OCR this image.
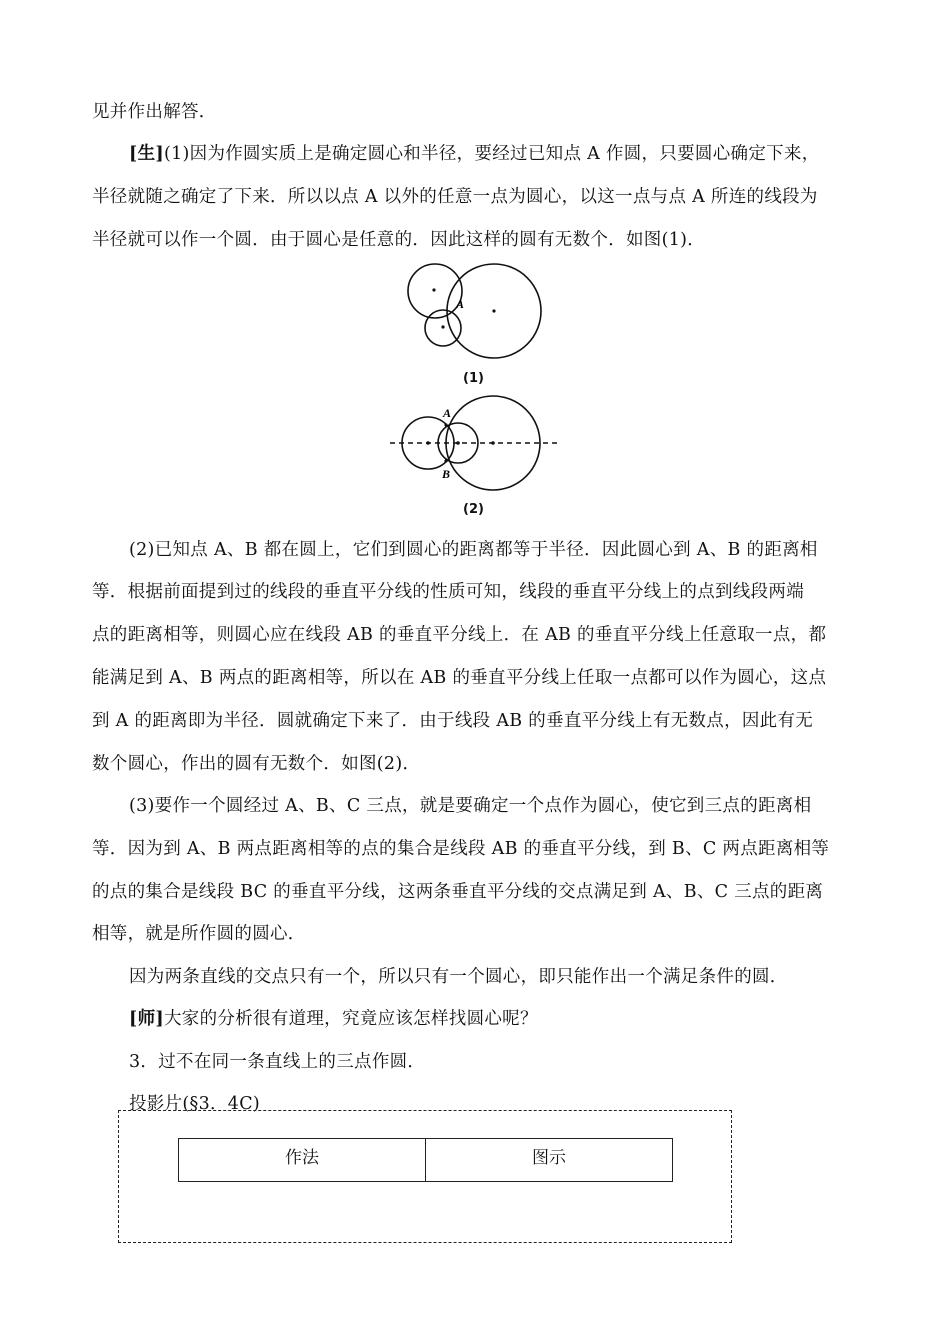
见并作出解答．
[生](1)因为作圆实质上是确定圆心和半径，要经过已知点 A 作圆，只要圆心确定下来，
半径就随之确定了下来．所以以点 A 以外的任意一点为圆心，以这一点与点 A 所连的线段为
半径就可以作一个圆．由于圆心是任意的．因此这样的圆有无数个．如图(1)．
(2)已知点 A、B 都在圆上，它们到圆心的距离都等于半径．因此圆心到 A、B 的距离相
等．根据前面提到过的线段的垂直平分线的性质可知，线段的垂直平分线上的点到线段两端
点的距离相等，则圆心应在线段 AB 的垂直平分线上．在 AB 的垂直平分线上任意取一点，都
能满足到 A、B 两点的距离相等，所以在 AB 的垂直平分线上任取一点都可以作为圆心，这点
到 A 的距离即为半径．圆就确定下来了．由于线段 AB 的垂直平分线上有无数点，因此有无
数个圆心，作出的圆有无数个．如图(2)．
(3)要作一个圆经过 A、B、C 三点，就是要确定一个点作为圆心，使它到三点的距离相
等．因为到 A、B 两点距离相等的点的集合是线段 AB 的垂直平分线，到 B、C 两点距离相等
的点的集合是线段 BC 的垂直平分线，这两条垂直平分线的交点满足到 A、B、C 三点的距离
相等，就是所作圆的圆心．
因为两条直线的交点只有一个，所以只有一个圆心，即只能作出一个满足条件的圆．
[师]大家的分析很有道理，究竟应该怎样找圆心呢？
3．过不在同一条直线上的三点作圆．
投影片(§3．4C)
A
(1)
A
B
(2)
作法	图示
